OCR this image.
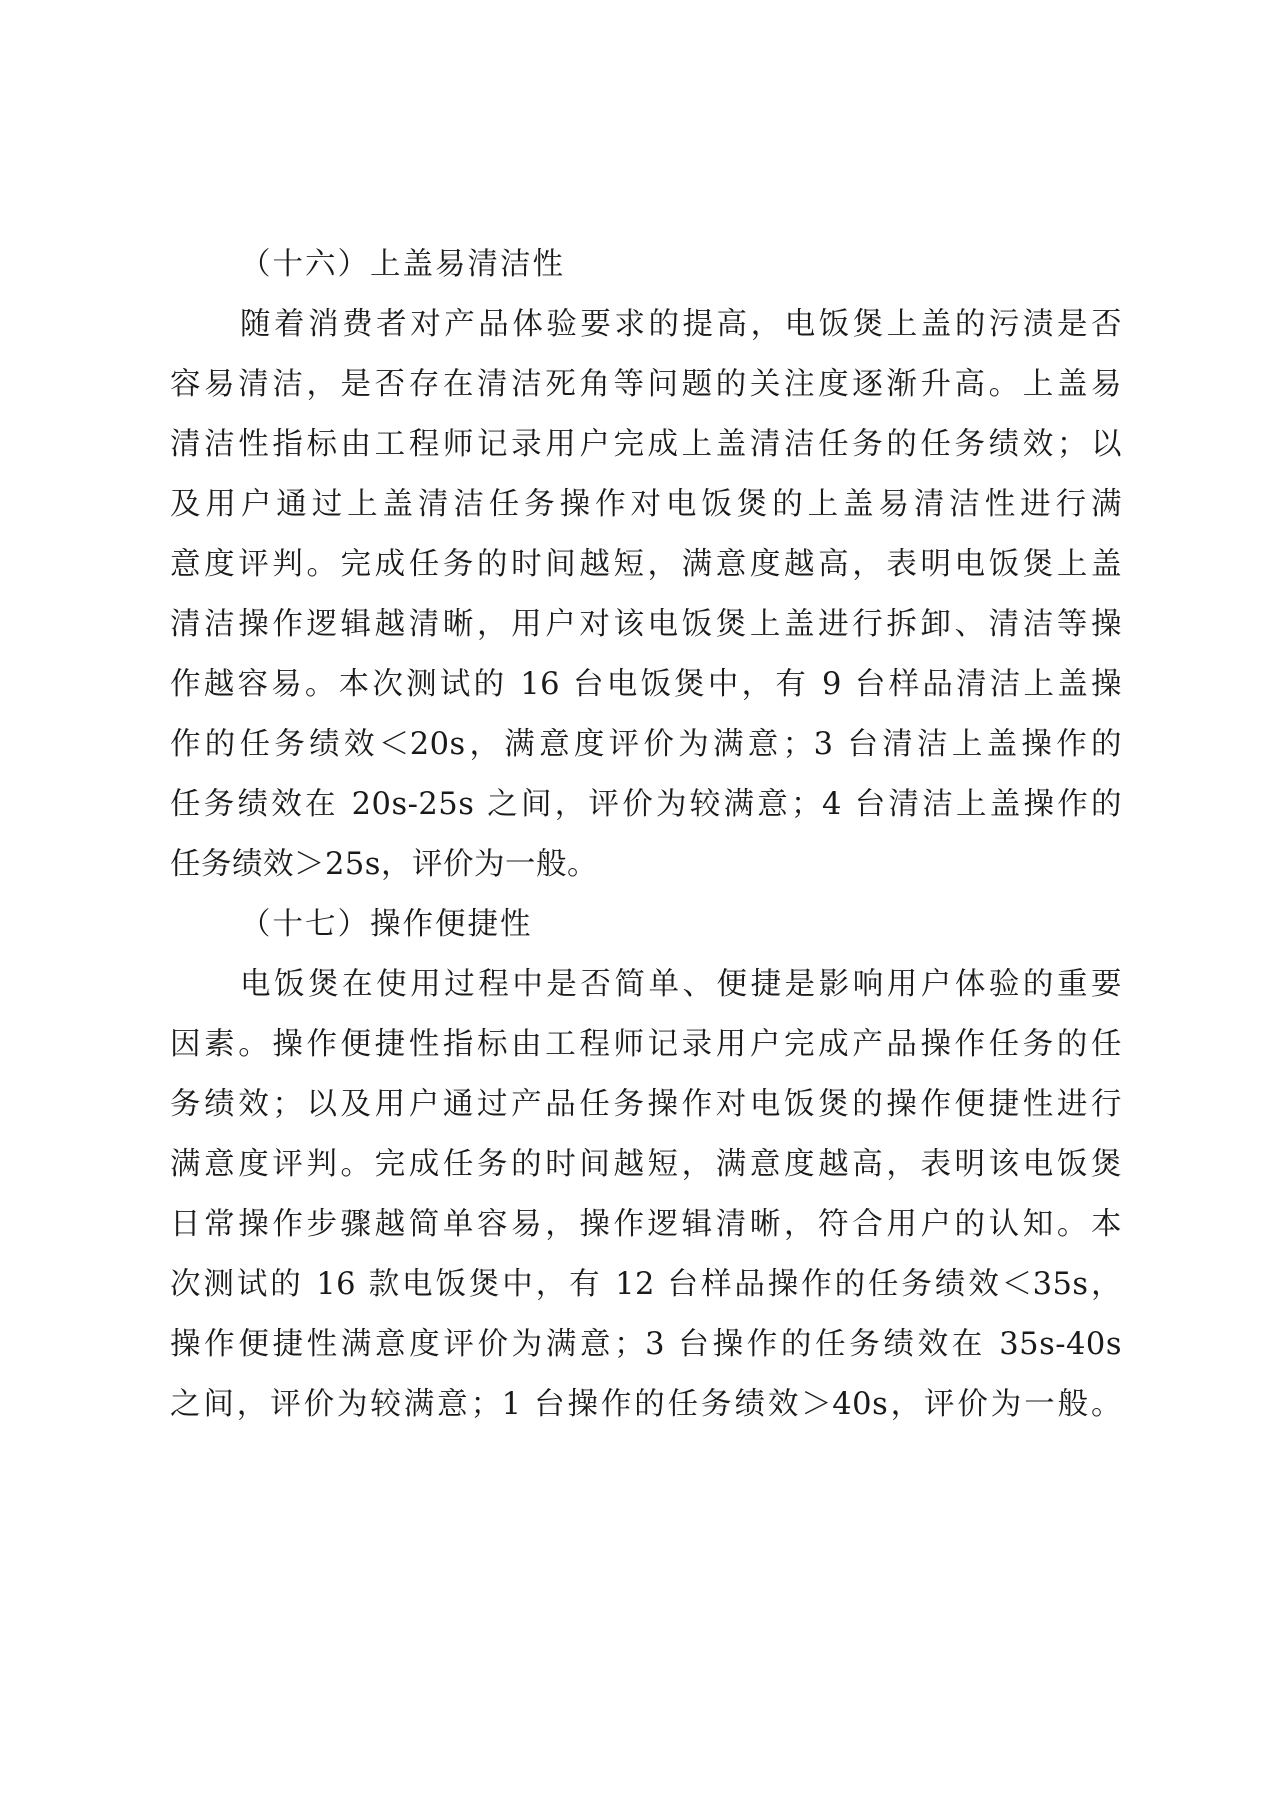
（十六）上盖易清洁性
随着消费者对产品体验要求的提高，电饭煲上盖的污渍是否
容易清洁，是否存在清洁死角等问题的关注度逐渐升高。上盖易
清洁性指标由工程师记录用户完成上盖清洁任务的任务绩效；以
及用户通过上盖清洁任务操作对电饭煲的上盖易清洁性进行满
意度评判。完成任务的时间越短，满意度越高，表明电饭煲上盖
清洁操作逻辑越清晰，用户对该电饭煲上盖进行拆卸、清洁等操
作越容易。本次测试的 16 台电饭煲中，有 9 台样品清洁上盖操
作的任务绩效＜20s，满意度评价为满意；3 台清洁上盖操作的
任务绩效在 20s-25s 之间，评价为较满意；4 台清洁上盖操作的
任务绩效＞25s，评价为一般。
（十七）操作便捷性
电饭煲在使用过程中是否简单、便捷是影响用户体验的重要
因素。操作便捷性指标由工程师记录用户完成产品操作任务的任
务绩效；以及用户通过产品任务操作对电饭煲的操作便捷性进行
满意度评判。完成任务的时间越短，满意度越高，表明该电饭煲
日常操作步骤越简单容易，操作逻辑清晰，符合用户的认知。本
次测试的 16 款电饭煲中，有 12 台样品操作的任务绩效＜35s，
操作便捷性满意度评价为满意；3 台操作的任务绩效在 35s-40s
之间，评价为较满意；1 台操作的任务绩效＞40s，评价为一般。
